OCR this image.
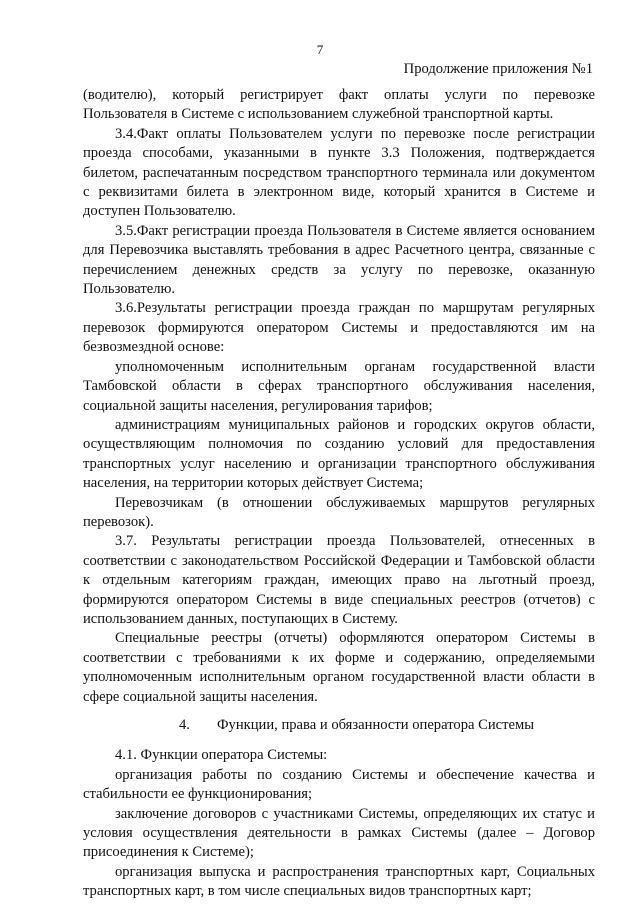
7
Продолжение приложения №1

(водителю), который регистрирует факт оплаты услуги по перевозке Пользователя в Системе с использованием служебной транспортной карты.

3.4.Факт оплаты Пользователем услуги по перевозке после регистрации проезда способами, указанными в пункте 3.3 Положения, подтверждается билетом, распечатанным посредством транспортного терминала или документом с реквизитами билета в электронном виде, который хранится в Системе и доступен Пользователю.

3.5.Факт регистрации проезда Пользователя в Системе является основанием для Перевозчика выставлять требования в адрес Расчетного центра, связанные с перечислением денежных средств за услугу по перевозке, оказанную Пользователю.

3.6.Результаты регистрации проезда граждан по маршрутам регулярных перевозок формируются оператором Системы и предоставляются им на безвозмездной основе:

уполномоченным исполнительным органам государственной власти Тамбовской области в сферах транспортного обслуживания населения, социальной защиты населения, регулирования тарифов;

администрациям муниципальных районов и городских округов области, осуществляющим полномочия по созданию условий для предоставления транспортных услуг населению и организации транспортного обслуживания населения, на территории которых действует Система;

Перевозчикам (в отношении обслуживаемых маршрутов регулярных перевозок).

3.7. Результаты регистрации проезда Пользователей, отнесенных в соответствии с законодательством Российской Федерации и Тамбовской области к отдельным категориям граждан, имеющих право на льготный проезд, формируются оператором Системы в виде специальных реестров (отчетов) с использованием данных, поступающих в Систему.

Специальные реестры (отчеты) оформляются оператором Системы в соответствии с требованиями к их форме и содержанию, определяемыми уполномоченным исполнительным органом государственной власти области в сфере социальной защиты населения.

4. Функции, права и обязанности оператора Системы

4.1. Функции оператора Системы:

организация работы по созданию Системы и обеспечение качества и стабильности ее функционирования;

заключение договоров с участниками Системы, определяющих их статус и условия осуществления деятельности в рамках Системы (далее – Договор присоединения к Системе);

организация выпуска и распространения транспортных карт, Социальных транспортных карт, в том числе специальных видов транспортных карт;
